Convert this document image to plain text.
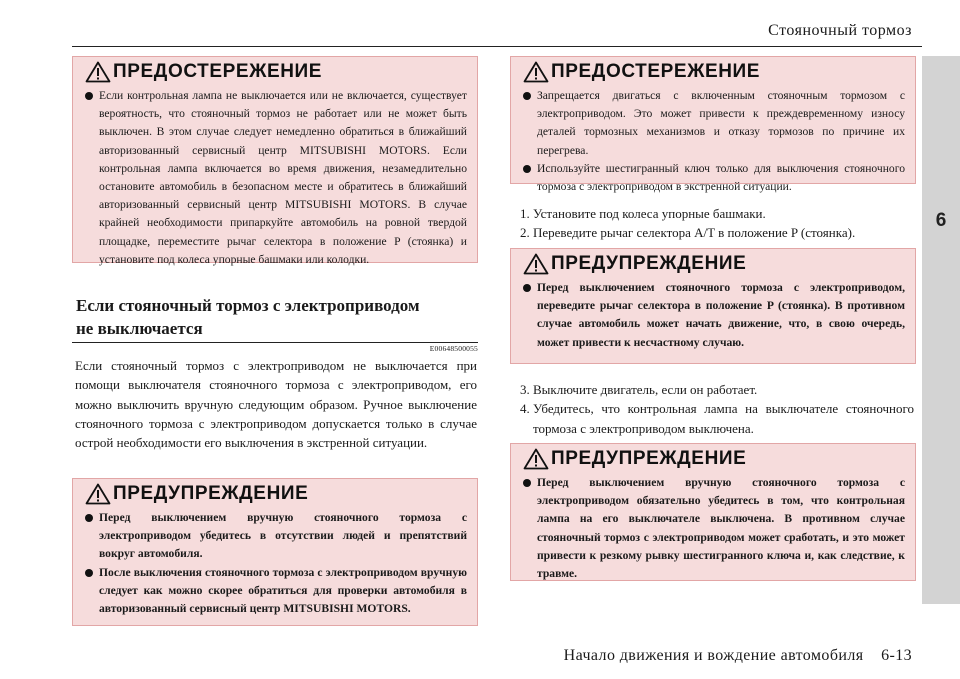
Стояночный тормоз
6
ПРЕДОСТЕРЕЖЕНИЕ
Если контрольная лампа не выключается или не включается, существует вероятность, что стояночный тормоз не работает или не может быть выключен. В этом случае следует немедленно обратиться в ближайший авторизованный сервисный центр MITSUBISHI MOTORS. Если контрольная лампа включается во время движения, незамедлительно остановите автомобиль в безопасном месте и обратитесь в ближайший авторизованный сервисный центр MITSUBISHI MOTORS. В случае крайней необходимости припаркуйте автомобиль на ровной твердой площадке, переместите рычаг селектора в положение P (стоянка) и установите под колеса упорные башмаки или колодки.
Если стояночный тормоз с электроприводом
не выключается
E00648500055
Если стояночный тормоз с электроприводом не выключается при помощи выключателя стояночного тормоза с электроприводом, его можно выключить вручную следующим образом. Ручное выключение стояночного тормоза с электроприводом допускается только в случае острой необходимости его выключения в экстренной ситуации.
ПРЕДУПРЕЖДЕНИЕ
Перед выключением вручную стояночного тормоза с электроприводом убедитесь в отсутствии людей и препятствий вокруг автомобиля.
После выключения стояночного тормоза с электроприводом вручную следует как можно скорее обратиться для проверки автомобиля в авторизованный сервисный центр MITSUBISHI MOTORS.
ПРЕДОСТЕРЕЖЕНИЕ
Запрещается двигаться с включенным стояночным тормозом с электроприводом. Это может привести к преждевременному износу деталей тормозных механизмов и отказу тормозов по причине их перегрева.
Используйте шестигранный ключ только для выключения стояночного тормоза с электроприводом в экстренной ситуации.
1. Установите под колеса упорные башмаки.
2. Переведите рычаг селектора A/T в положение P (стоянка).
ПРЕДУПРЕЖДЕНИЕ
Перед выключением стояночного тормоза с электроприводом, переведите рычаг селектора в положение P (стоянка). В противном случае автомобиль может начать движение, что, в свою очередь, может привести к несчастному случаю.
3. Выключите двигатель, если он работает.
4. Убедитесь, что контрольная лампа на выключателе стояночного тормоза с электроприводом выключена.
ПРЕДУПРЕЖДЕНИЕ
Перед выключением вручную стояночного тормоза с электроприводом обязательно убедитесь в том, что контрольная лампа на его выключателе выключена. В противном случае стояночный тормоз с электроприводом может сработать, и это может привести к резкому рывку шестигранного ключа и, как следствие, к травме.
Начало движения и вождение автомобиля    6-13
